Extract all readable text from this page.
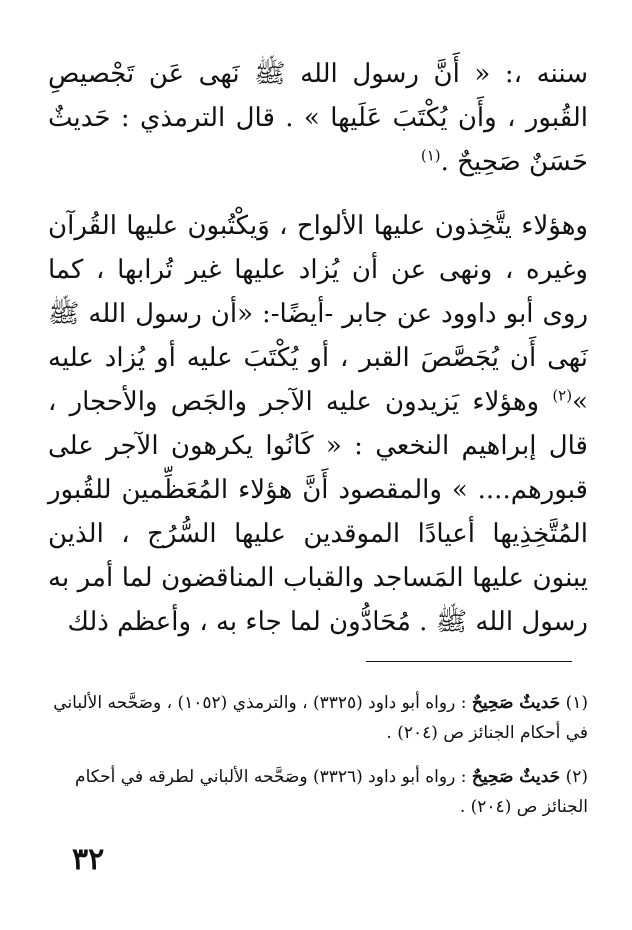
سننه ،: « أَنَّ رسول الله ﷺ نَهى عَن تَجْصيصِ القُبور ، وأَن يُكْتَبَ عَلَيها » . قال الترمذي : حَديثٌ حَسَنٌ صَحِيحٌ .$^{(١)}$

وهؤلاء يتَّخِذون عليها الألواح ، وَيكْتُبون عليها القُرآن وغيره ، ونهى عن أن يُزاد عليها غير تُرابها ، كما روى أبو داوود عن جابر -أيضًا-: «أن رسول الله ﷺ نَهى أَن يُجَصَّصَ القبر ، أو يُكْتَبَ عليه أو يُزاد عليه »$^{(٢)}$ وهؤلاء يَزيدون عليه الآجر والجَص والأحجار ، قال إبراهيم النخعي : « كَانُوا يكرهون الآجر على قبورهم.... » والمقصود أَنَّ هؤلاء المُعَظِّمين للقُبور المُتَّخِذِيها أعيادًا الموقدين عليها السُّرُج ، الذين يبنون عليها المَساجد والقباب المناقضون لما أمر به رسول الله ﷺ . مُحَادُّون لما جاء به ، وأعظم ذلك

(١) حَديثٌ صَحِيحٌ : رواه أبو داود (٣٣٢٥) ، والترمذي (١٠٥٢) ، وصَحَّحه الألباني في أحكام الجنائز ص (٢٠٤) .

(٢) حَديثٌ صَحِيحٌ : رواه أبو داود (٣٣٢٦) وصَحَّحه الألباني لطرقه في أحكام الجنائز ص (٢٠٤) .

٣٢
